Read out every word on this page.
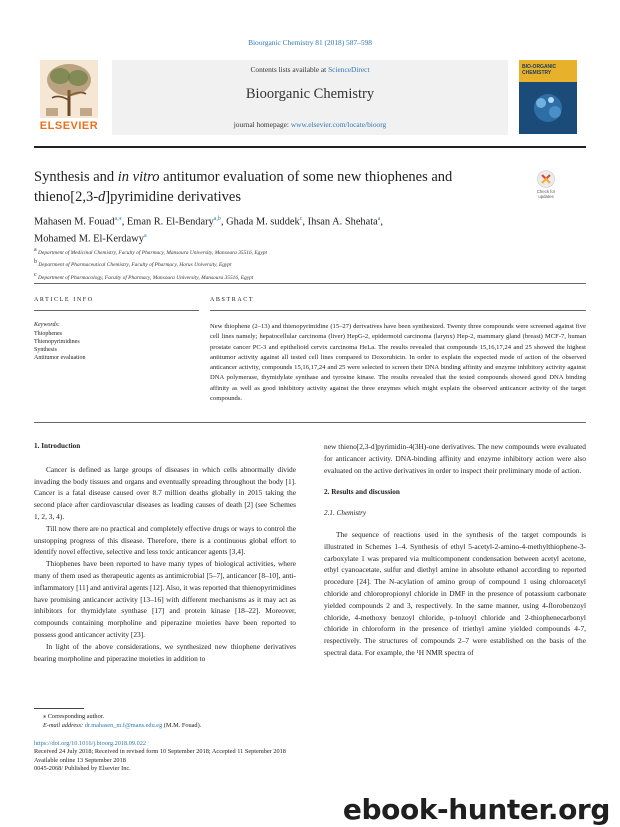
Bioorganic Chemistry 81 (2018) 587–598
ELSEVIER
Contents lists available at ScienceDirect
Bioorganic Chemistry
journal homepage: www.elsevier.com/locate/bioorg
BIO-ORGANIC CHEMISTRY
Synthesis and in vitro antitumor evaluation of some new thiophenes and thieno[2,3-d]pyrimidine derivatives	Check for updates
Mahasen M. Fouad$^{a,⁎}$, Eman R. El-Bendary$^{a,b}$, Ghada M. suddek$^c$, Ihsan A. Shehata$^a$,
Mohamed M. El-Kerdawy$^a$
$^a$ Department of Medicinal Chemistry, Faculty of Pharmacy, Mansoura University, Mansoura 35516, Egypt
$^b$ Department of Pharmaceutical Chemistry, Faculty of Pharmacy, Horus University, Egypt
$^c$ Department of Pharmacology, Faculty of Pharmacy, Mansoura University, Mansoura 35516, Egypt
ARTICLE INFO	ABSTRACT
Keywords:
Thiophenes
Thienopyrimidines
Synthesis
Antitumor evaluation
New thiophene (2–13) and thienopyrimidine (15–27) derivatives have been synthesized. Twenty three compounds were screened against five cell lines namely; hepatocellular carcinoma (liver) HepG-2, epidermoid carcinoma (larynx) Hep-2, mammary gland (breast) MCF-7, human prostate cancer PC-3 and epithelioid cervix carcinoma HeLa. The results revealed that compounds 15,16,17,24 and 25 showed the highest antitumor activity against all tested cell lines compared to Doxorubicin. In order to explain the expected mode of action of the observed anticancer activity, compounds 15,16,17,24 and 25 were selected to screen their DNA binding affinity and enzyme inhibitory activity against DNA polymerase, thymidylate synthase and tyrosine kinase. The results revealed that the tested compounds showed good DNA binding affinity as well as good inhibitory activity against the three enzymes which might explain the observed anticancer activity of the target compounds.

1. Introduction

Cancer is defined as large groups of diseases in which cells abnormally divide invading the body tissues and organs and eventually spreading throughout the body [1]. Cancer is a fatal disease caused over 8.7 million deaths globally in 2015 taking the second place after cardiovascular diseases as leading causes of death [2] (see Schemes 1, 2, 3, 4).

Till now there are no practical and completely effective drugs or ways to control the unstopping progress of this disease. Therefore, there is a continuous global effort to identify novel effective, selective and less toxic anticancer agents [3,4].

Thiophenes have been reported to have many types of biological activities, where many of them used as therapeutic agents as antimicrobial [5–7], anticancer [8–10], anti-inflammatory [11] and antiviral agents [12]. Also, it was reported that thienopyrimidines have promising anticancer activity [13–16] with different mechanisms as it may act as inhibitors for thymidylate synthase [17] and protein kinase [18–22]. Moreover, compounds containing morpholine and piperazine moieties have been reported to possess good anticancer activity [23].

In light of the above considerations, we synthesized new thiophene derivatives bearing morpholine and piperazine moieties in addition to

new thieno[2,3-d]pyrimidin-4(3H)-one derivatives. The new compounds were evaluated for anticancer activity. DNA-binding affinity and enzyme inhibitory action were also evaluated on the active derivatives in order to inspect their preliminary mode of action.

2. Results and discussion

2.1. Chemistry

The sequence of reactions used in the synthesis of the target compounds is illustrated in Schemes 1–4. Synthesis of ethyl 5-acetyl-2-amino-4-methylthiophene-3-carboxylate 1 was prepared via multicomponent condensation between acetyl acetone, ethyl cyanoacetate, sulfur and diethyl amine in absolute ethanol according to reported procedure [24]. The N-acylation of amino group of compound 1 using chloroacetyl chloride and chloropropionyl chloride in DMF in the presence of potassium carbonate yielded compounds 2 and 3, respectively. In the same manner, using 4-florobenzoyl chloride, 4-methoxy benzoyl chloride, p-toluoyl chloride and 2-thiophenecarbonyl chloride in chloroform in the presence of triethyl amine yielded compounds 4-7, respectively. The structures of compounds 2–7 were established on the basis of the spectral data. For example, the ¹H NMR spectra of

⁎ Corresponding author.
E-mail address: dr.mahasen_m.f@mans.edu.eg (M.M. Fouad).
https://doi.org/10.1016/j.bioorg.2018.09.022
Received 24 July 2018; Received in revised form 10 September 2018; Accepted 11 September 2018
Available online 13 September 2018
0045-2068/ Published by Elsevier Inc.
ebook-hunter.org
